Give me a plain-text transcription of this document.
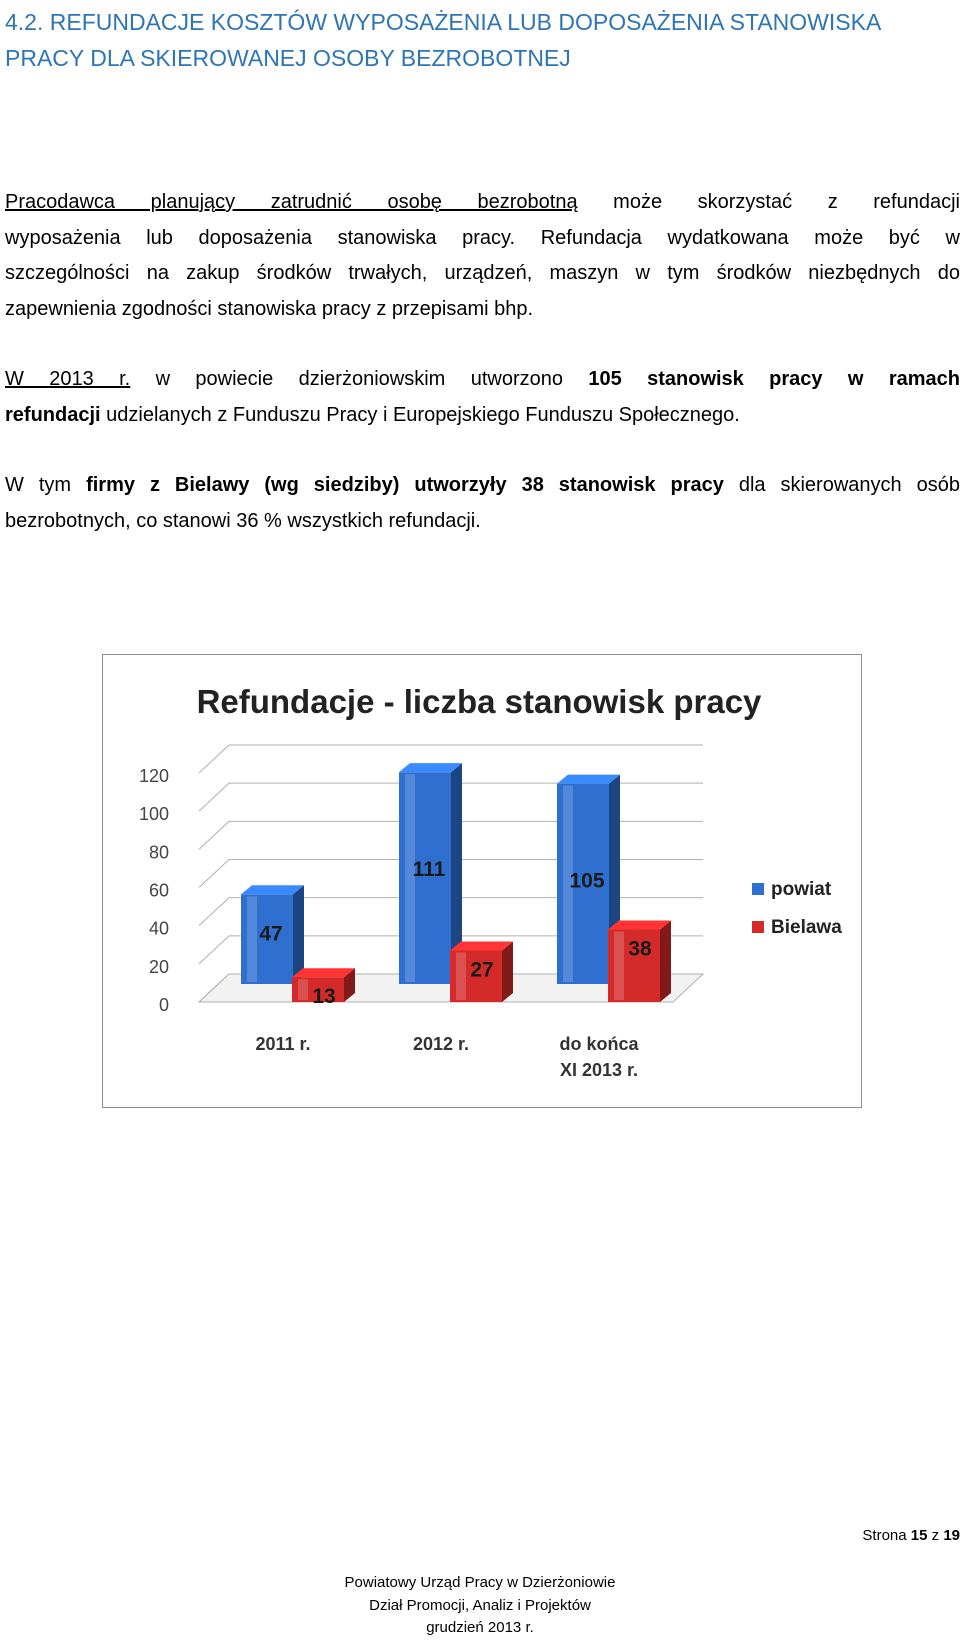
4.2. REFUNDACJE KOSZTÓW WYPOSAŻENIA LUB DOPOSAŻENIA STANOWISKA
PRACY DLA SKIEROWANEJ OSOBY BEZROBOTNEJ

Pracodawca planujący zatrudnić osobę bezrobotną może skorzystać z refundacji
wyposażenia lub doposażenia stanowiska pracy. Refundacja wydatkowana może być w
szczególności na zakup środków trwałych, urządzeń, maszyn w tym środków niezbędnych do
zapewnienia zgodności stanowiska pracy z przepisami bhp.

W 2013 r. w powiecie dzierżoniowskim utworzono 105 stanowisk pracy w ramach
refundacji udzielanych z Funduszu Pracy i Europejskiego Funduszu Społecznego.

W tym firmy z Bielawy (wg siedziby) utworzyły 38 stanowisk pracy dla skierowanych osób
bezrobotnych, co stanowi 36 % wszystkich refundacji.

Refundacje - liczba stanowisk pracy
0
20
40
60
80
100
120
47
111	105
13
27
38
2011 r.	2012 r.	do końca
XI 2013 r.
powiat
Bielawa
Strona 15 z 19
Powiatowy Urząd Pracy w Dzierżoniowie
Dział Promocji, Analiz i Projektów
grudzień 2013 r.
